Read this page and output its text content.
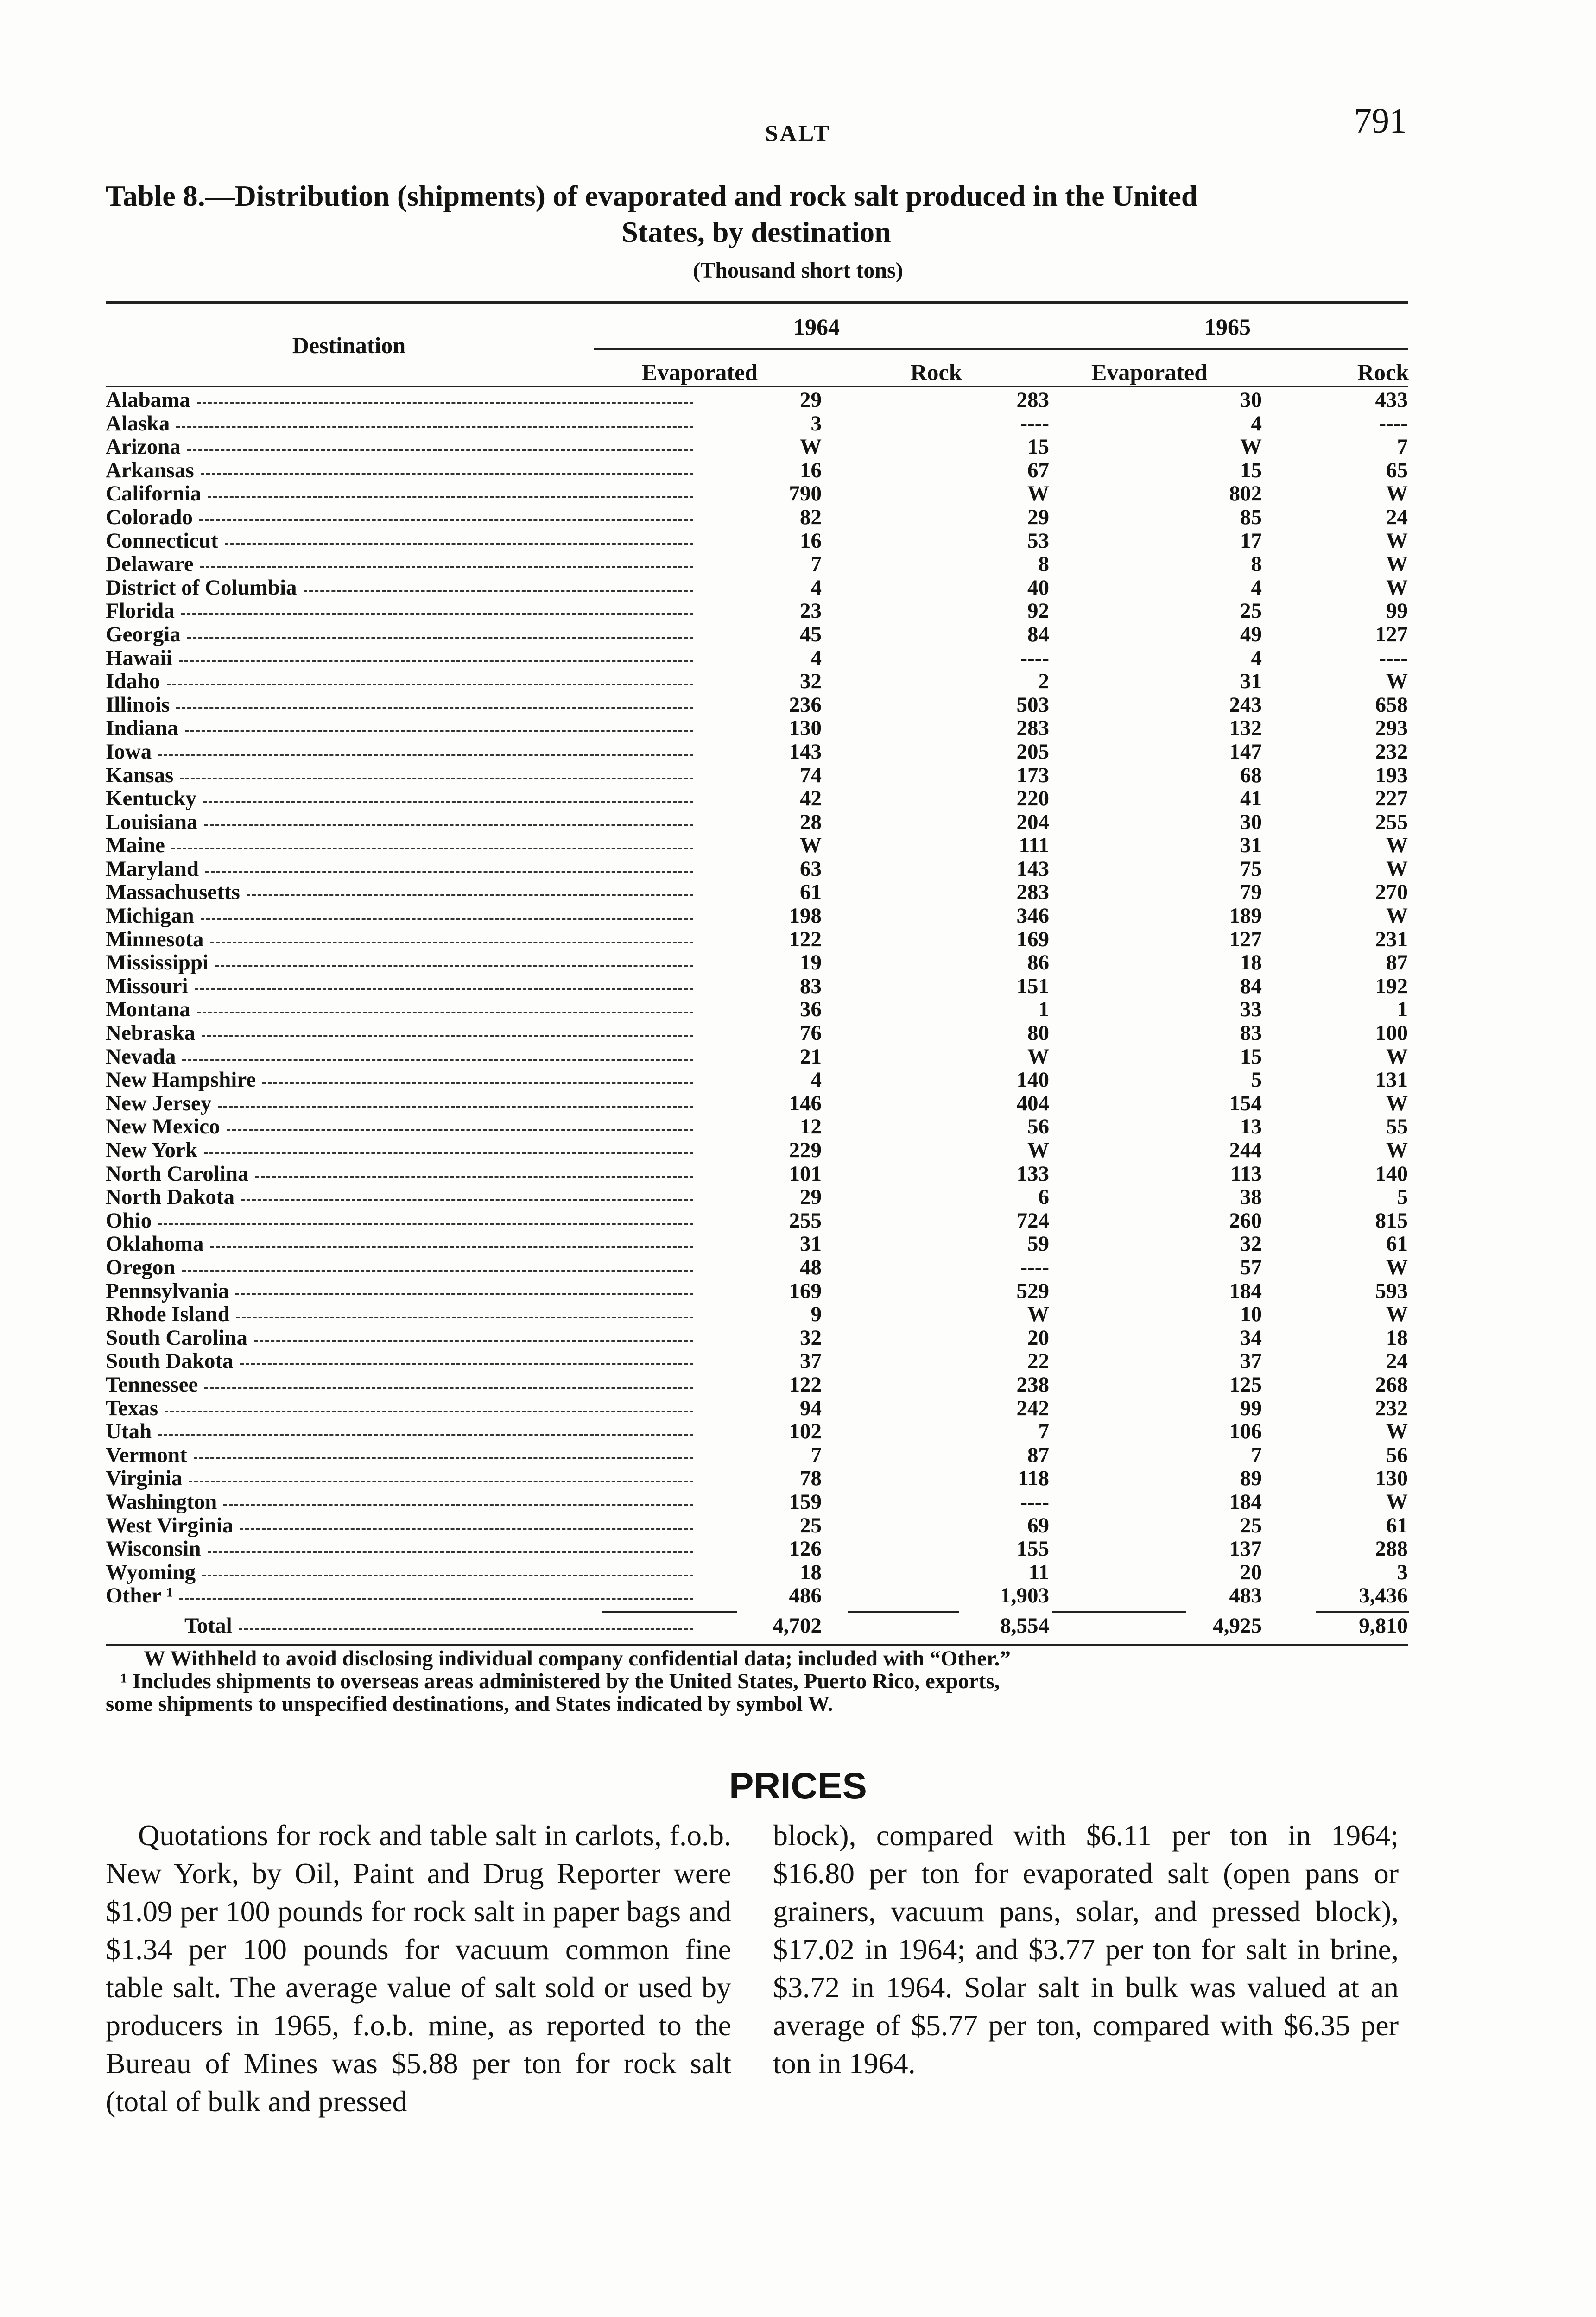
SALT	791
Table 8.—Distribution (shipments) of evaporated and rock salt produced in the United
States, by destination
(Thousand short tons)
Destination
1964	1965
Evaporated	Rock	Evaporated	Rock
Alabama	29	283	30	433
Alaska	3	----	4	----
Arizona	W	15	W	7
Arkansas	16	67	15	65
California	790	W	802	W
Colorado	82	29	85	24
Connecticut	16	53	17	W
Delaware	7	8	8	W
District of Columbia	4	40	4	W
Florida	23	92	25	99
Georgia	45	84	49	127
Hawaii	4	----	4	----
Idaho	32	2	31	W
Illinois	236	503	243	658
Indiana	130	283	132	293
Iowa	143	205	147	232
Kansas	74	173	68	193
Kentucky	42	220	41	227
Louisiana	28	204	30	255
Maine	W	111	31	W
Maryland	63	143	75	W
Massachusetts	61	283	79	270
Michigan	198	346	189	W
Minnesota	122	169	127	231
Mississippi	19	86	18	87
Missouri	83	151	84	192
Montana	36	1	33	1
Nebraska	76	80	83	100
Nevada	21	W	15	W
New Hampshire	4	140	5	131
New Jersey	146	404	154	W
New Mexico	12	56	13	55
New York	229	W	244	W
North Carolina	101	133	113	140
North Dakota	29	6	38	5
Ohio	255	724	260	815
Oklahoma	31	59	32	61
Oregon	48	----	57	W
Pennsylvania	169	529	184	593
Rhode Island	9	W	10	W
South Carolina	32	20	34	18
South Dakota	37	22	37	24
Tennessee	122	238	125	268
Texas	94	242	99	232
Utah	102	7	106	W
Vermont	7	87	7	56
Virginia	78	118	89	130
Washington	159	----	184	W
West Virginia	25	69	25	61
Wisconsin	126	155	137	288
Wyoming	18	11	20	3
Other ¹	486	1,903	483	3,436
Total	4,702	8,554	4,925	9,810
W Withheld to avoid disclosing individual company confidential data; included with “Other.”
¹ Includes shipments to overseas areas administered by the United States, Puerto Rico, exports,
some shipments to unspecified destinations, and States indicated by symbol W.
PRICES
Quotations for rock and table salt in carlots, f.o.b. New York, by Oil, Paint and Drug Reporter were $1.09 per 100 pounds for rock salt in paper bags and $1.34 per 100 pounds for vacuum common fine table salt. The average value of salt sold or used by producers in 1965, f.o.b. mine, as reported to the Bureau of Mines was $5.88 per ton for rock salt (total of bulk and pressed
block), compared with $6.11 per ton in 1964; $16.80 per ton for evaporated salt (open pans or grainers, vacuum pans, solar, and pressed block), $17.02 in 1964; and $3.77 per ton for salt in brine, $3.72 in 1964. Solar salt in bulk was valued at an average of $5.77 per ton, compared with $6.35 per ton in 1964.
